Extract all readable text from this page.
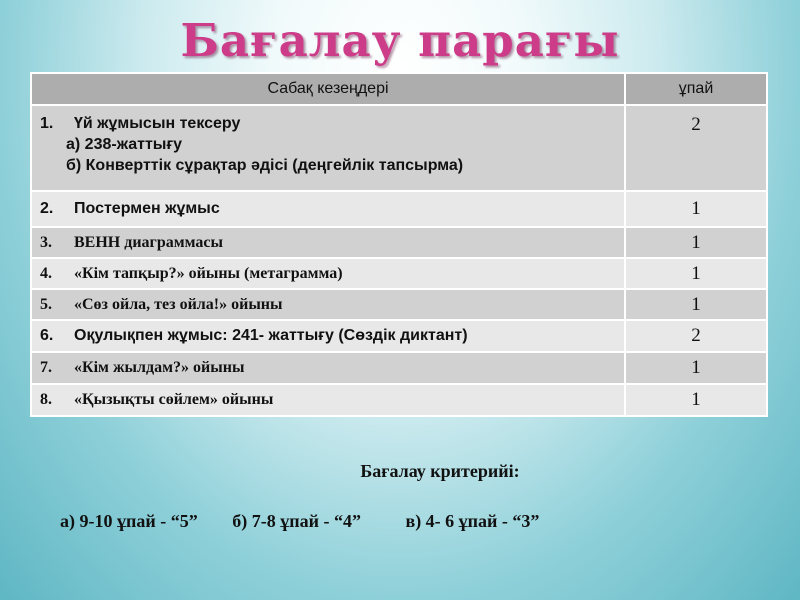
Бағалау парағы
Сабақ кезеңдері	ұпай

1. Үй жұмысын тексеру
а) 238-жаттығу
б) Конверттік сұрақтар әдісі (деңгейлік тапсырма)	2
2. Постермен жұмыс	1
3. ВЕНН диаграммасы	1
4. «Кім тапқыр?» ойыны (метаграмма)	1
5. «Сөз ойла, тез ойла!» ойыны	1
6. Оқулықпен жұмыс: 241- жаттығу (Сөздік диктант)	2
7. «Кім жылдам?» ойыны	1
8. «Қызықты сөйлем» ойыны	1
Бағалау критерийі:
а) 9-10 ұпай - “5” б) 7-8 ұпай - “4” в) 4- 6 ұпай - “3”
